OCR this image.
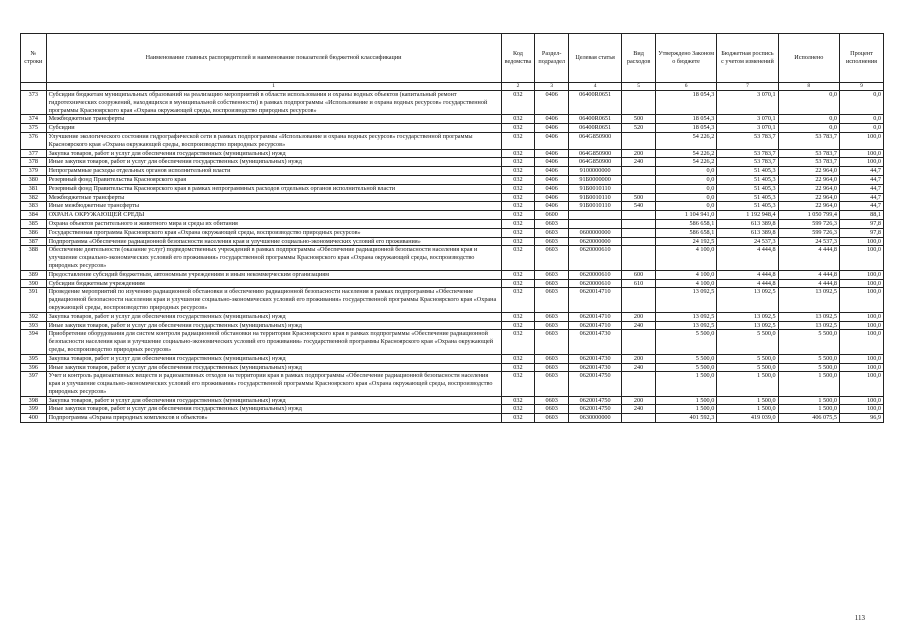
№ строки	Наименование главных распорядителей и наименование показателей бюджетной классификации	Код ведомства	Раздел-подраздел	Целевая статья	Вид расходов	Утверждено Законом о бюджете	Бюджетная роспись с учетом изменений	Исполнено	Процент исполнения
	1	2	3	4	5	6	7	8	9
373	Субсидии бюджетам муниципальных образований на реализацию мероприятий в области использования и охраны водных объектов (капитальный ремонт гидротехнических сооружений, находящихся в муниципальной собственности) в рамках подпрограммы «Использование и охрана водных ресурсов» государственной программы Красноярского края «Охрана окружающей среды, воспроизводство природных ресурсов»	032	0406	06400R0651		18 054,3	3 070,1	0,0	0,0
374	Межбюджетные трансферты	032	0406	06400R0651	500	18 054,3	3 070,1	0,0	0,0
375	Субсидии	032	0406	06400R0651	520	18 054,3	3 070,1	0,0	0,0
376	Улучшение экологического состояния гидрографической сети в рамках подпрограммы «Использование и охрана водных ресурсов» государственной программы Красноярского края «Охрана окружающей среды, воспроизводство природных ресурсов»	032	0406	064G850900		54 226,2	53 783,7	53 783,7	100,0
377	Закупка товаров, работ и услуг для обеспечения государственных (муниципальных) нужд	032	0406	064G850900	200	54 226,2	53 783,7	53 783,7	100,0
378	Иные закупки товаров, работ и услуг для обеспечения государственных (муниципальных) нужд	032	0406	064G850900	240	54 226,2	53 783,7	53 783,7	100,0
379	Непрограммные расходы отдельных органов исполнительной власти	032	0406	9100000000		0,0	51 405,3	22 964,0	44,7
380	Резервный фонд Правительства Красноярского края	032	0406	91Б0000000		0,0	51 405,3	22 964,0	44,7
381	Резервный фонд Правительства Красноярского края в рамках непрограммных расходов отдельных органов исполнительной власти	032	0406	91Б0010110		0,0	51 405,3	22 964,0	44,7
382	Межбюджетные трансферты	032	0406	91Б0010110	500	0,0	51 405,3	22 964,0	44,7
383	Иные межбюджетные трансферты	032	0406	91Б0010110	540	0,0	51 405,3	22 964,0	44,7
384	ОХРАНА ОКРУЖАЮЩЕЙ СРЕДЫ	032	0600			1 104 941,0	1 192 948,4	1 050 799,4	88,1
385	Охрана объектов растительного и животного мира и среды их обитания	032	0603			586 658,1	613 389,8	599 726,3	97,8
386	Государственная программа Красноярского края «Охрана окружающей среды, воспроизводство природных ресурсов»	032	0603	0600000000		586 658,1	613 389,8	599 726,3	97,8
387	Подпрограмма «Обеспечение радиационной безопасности населения края и улучшение социально-экономических условий его проживания»	032	0603	0620000000		24 192,5	24 537,3	24 537,3	100,0
388	Обеспечение деятельности (оказание услуг) подведомственных учреждений в рамках подпрограммы «Обеспечение радиационной безопасности населения края и улучшение социально-экономических условий его проживания» государственной программы Красноярского края «Охрана окружающей среды, воспроизводство природных ресурсов»	032	0603	0620000610		4 100,0	4 444,8	4 444,8	100,0
389	Предоставление субсидий бюджетным, автономным учреждениям и иным некоммерческим организациям	032	0603	0620000610	600	4 100,0	4 444,8	4 444,8	100,0
390	Субсидии бюджетным учреждениям	032	0603	0620000610	610	4 100,0	4 444,8	4 444,8	100,0
391	Проведение мероприятий по изучению радиационной обстановки и обеспечению радиационной безопасности населения в рамках подпрограммы «Обеспечение радиационной безопасности населения края и улучшение социально-экономических условий его проживания» государственной программы Красноярского края «Охрана окружающей среды, воспроизводство природных ресурсов»	032	0603	0620014710		13 092,5	13 092,5	13 092,5	100,0
392	Закупка товаров, работ и услуг для обеспечения государственных (муниципальных) нужд	032	0603	0620014710	200	13 092,5	13 092,5	13 092,5	100,0
393	Иные закупки товаров, работ и услуг для обеспечения государственных (муниципальных) нужд	032	0603	0620014710	240	13 092,5	13 092,5	13 092,5	100,0
394	Приобретение оборудования для систем контроля радиационной обстановки на территории Красноярского края в рамках подпрограммы «Обеспечение радиационной безопасности населения края и улучшение социально-экономических условий его проживания» государственной программы Красноярского края «Охрана окружающей среды, воспроизводство природных ресурсов»	032	0603	0620014730		5 500,0	5 500,0	5 500,0	100,0
395	Закупка товаров, работ и услуг для обеспечения государственных (муниципальных) нужд	032	0603	0620014730	200	5 500,0	5 500,0	5 500,0	100,0
396	Иные закупки товаров, работ и услуг для обеспечения государственных (муниципальных) нужд	032	0603	0620014730	240	5 500,0	5 500,0	5 500,0	100,0
397	Учет и контроль радиоактивных веществ и радиоактивных отходов на территории края в рамках подпрограммы «Обеспечение радиационной безопасности населения края и улучшение социально-экономических условий его проживания» государственной программы Красноярского края «Охрана окружающей среды, воспроизводство природных ресурсов»	032	0603	0620014750		1 500,0	1 500,0	1 500,0	100,0
398	Закупка товаров, работ и услуг для обеспечения государственных (муниципальных) нужд	032	0603	0620014750	200	1 500,0	1 500,0	1 500,0	100,0
399	Иные закупки товаров, работ и услуг для обеспечения государственных (муниципальных) нужд	032	0603	0620014750	240	1 500,0	1 500,0	1 500,0	100,0
400	Подпрограмма «Охрана природных комплексов и объектов»	032	0603	0630000000		401 592,3	419 039,0	406 075,5	96,9
113
